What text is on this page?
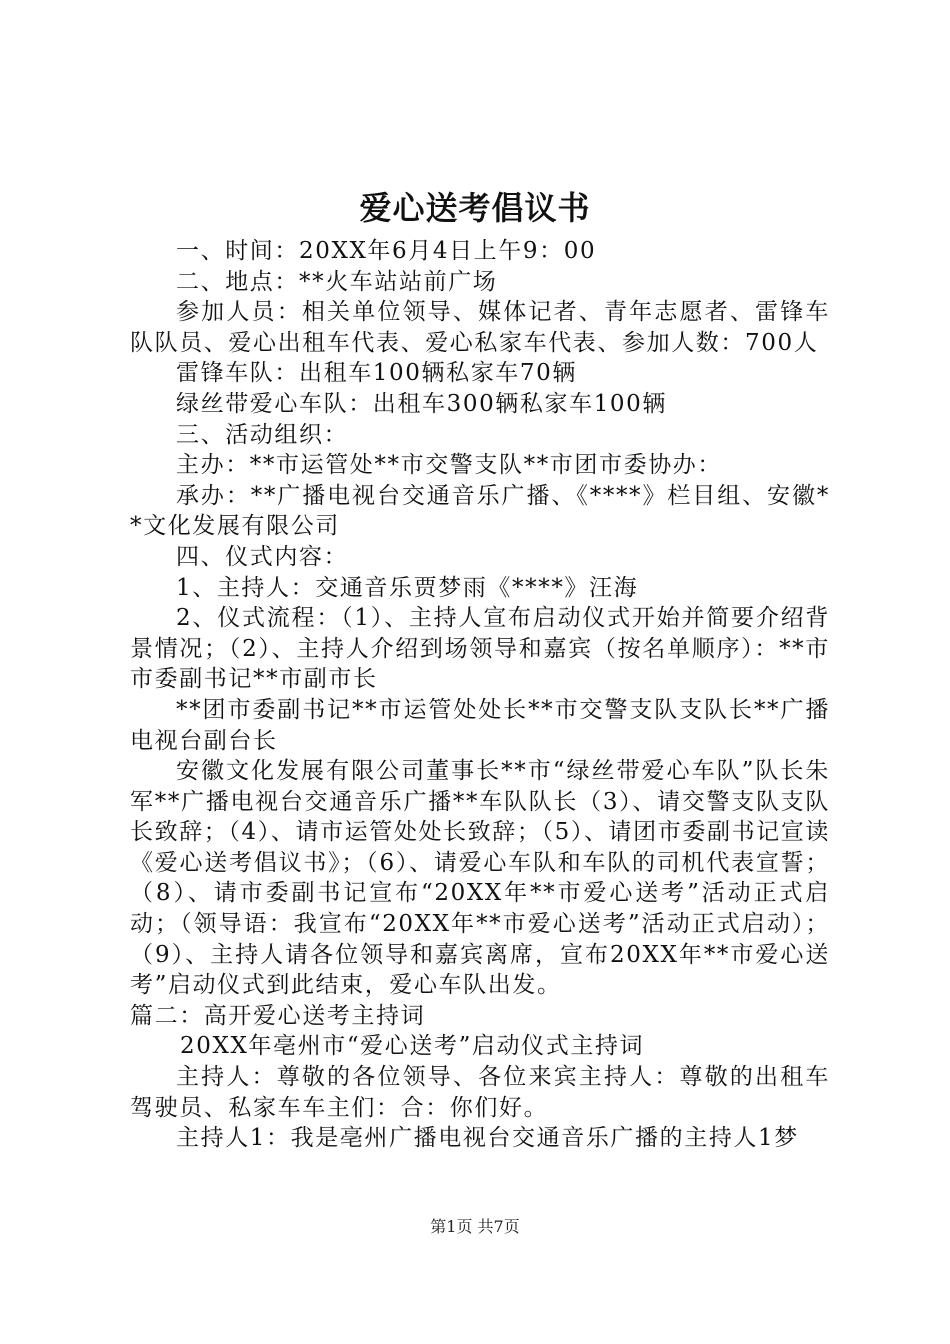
爱心送考倡议书

一、时间：20XX年6月4日上午9：00

二、地点：**火车站站前广场

参加人员：相关单位领导、媒体记者、青年志愿者、雷锋车队队员、爱心出租车代表、爱心私家车代表、参加人数：700人

雷锋车队：出租车100辆私家车70辆

绿丝带爱心车队：出租车300辆私家车100辆

三、活动组织：

主办：**市运管处**市交警支队**市团市委协办：

承办：**广播电视台交通音乐广播、《****》栏目组、安徽**文化发展有限公司

四、仪式内容：

1、主持人：交通音乐贾梦雨《****》汪海

2、仪式流程：（1）、主持人宣布启动仪式开始并简要介绍背景情况；（2）、主持人介绍到场领导和嘉宾（按名单顺序）：**市市委副书记**市副市长

**团市委副书记**市运管处处长**市交警支队支队长**广播电视台副台长

安徽文化发展有限公司董事长**市“绿丝带爱心车队”队长朱军**广播电视台交通音乐广播**车队队长（3）、请交警支队支队长致辞；（4）、请市运管处处长致辞；（5）、请团市委副书记宣读《爱心送考倡议书》；（6）、请爱心车队和车队的司机代表宣誓；（8）、请市委副书记宣布“20XX年**市爱心送考”活动正式启动；（领导语：我宣布“20XX年**市爱心送考”活动正式启动）；（9）、主持人请各位领导和嘉宾离席，宣布20XX年**市爱心送考”启动仪式到此结束，爱心车队出发。

篇二：高开爱心送考主持词

20XX年亳州市“爱心送考”启动仪式主持词

主持人：尊敬的各位领导、各位来宾主持人：尊敬的出租车驾驶员、私家车车主们：合：你们好。

主持人1：我是亳州广播电视台交通音乐广播的主持人1梦

第1页 共7页
